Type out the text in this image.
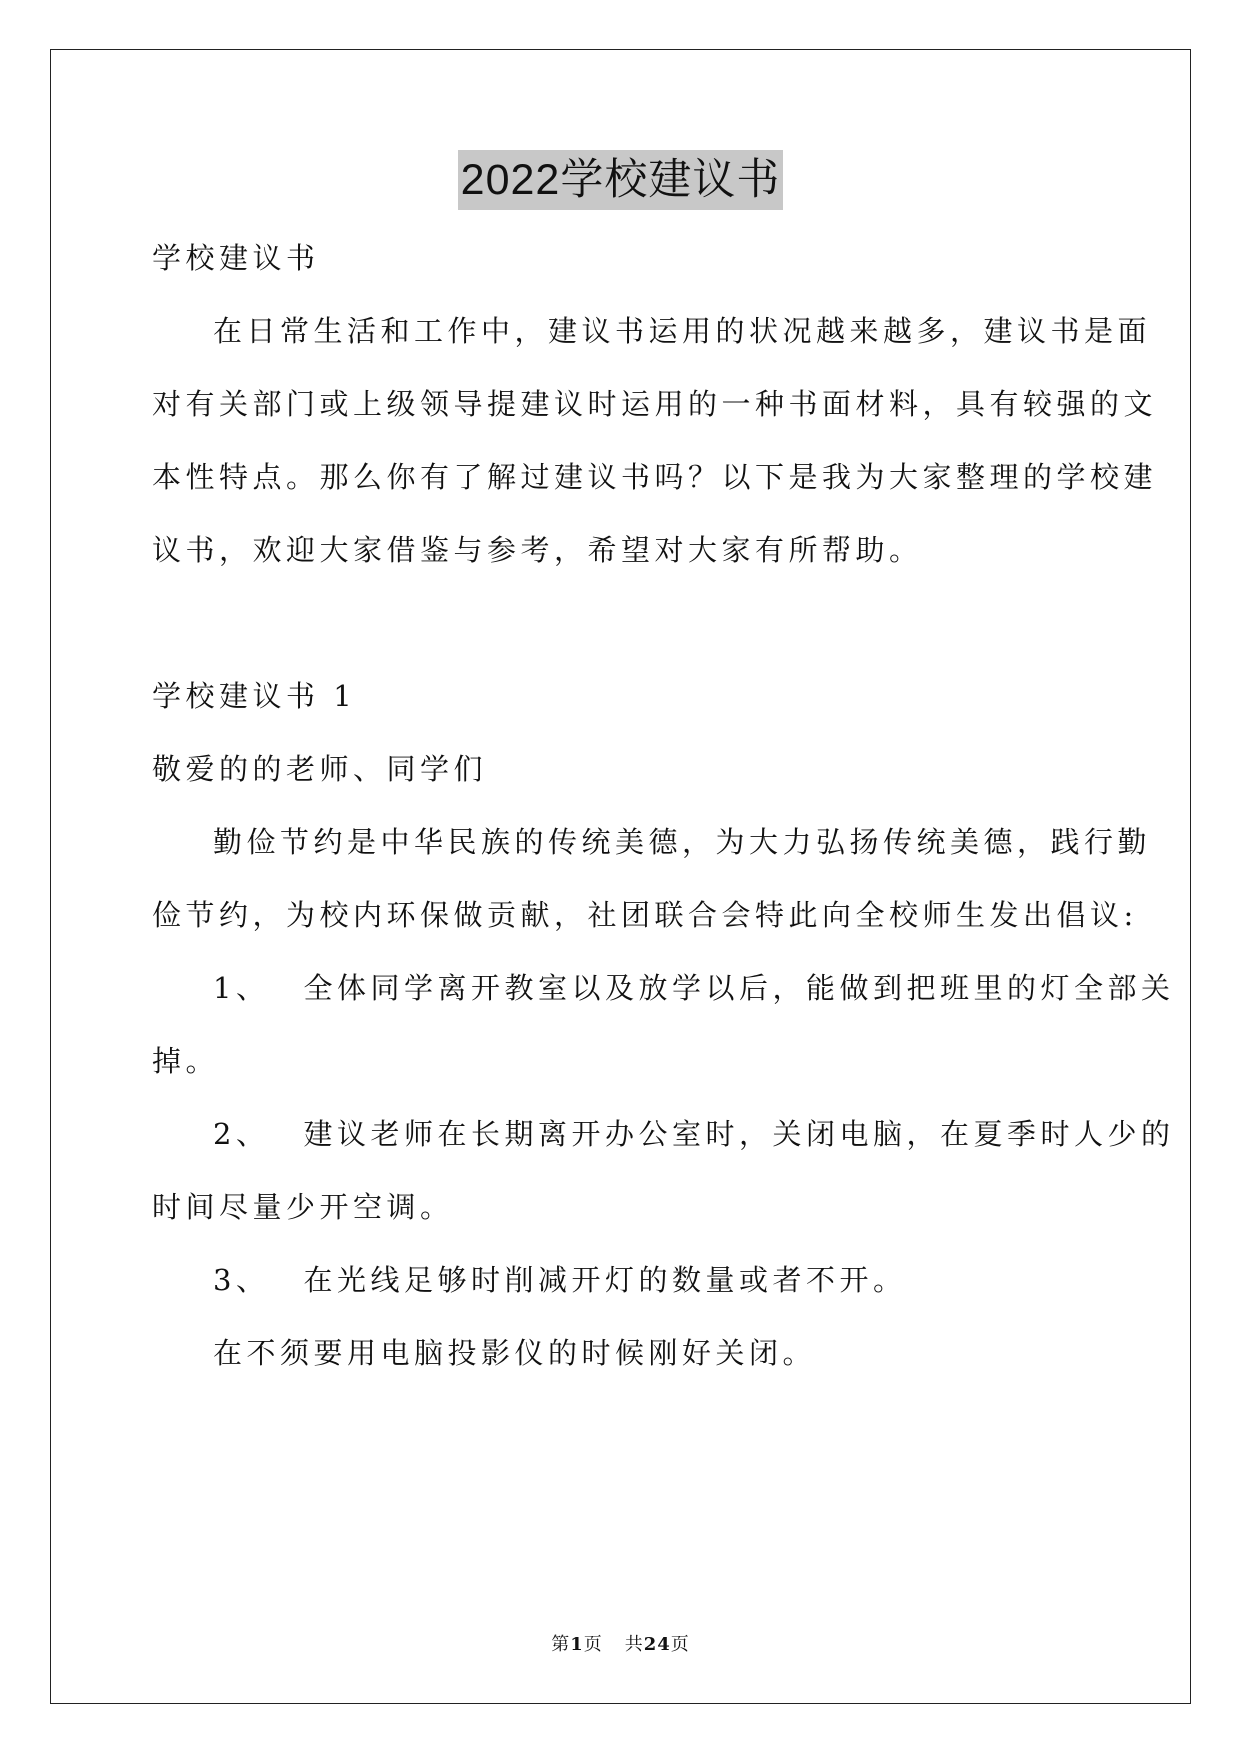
2022学校建议书
学校建议书
在日常生活和工作中，建议书运用的状况越来越多，建议书是面
对有关部门或上级领导提建议时运用的一种书面材料，具有较强的文
本性特点。那么你有了解过建议书吗？以下是我为大家整理的学校建
议书，欢迎大家借鉴与参考，希望对大家有所帮助。
学校建议书 1
敬爱的的老师、同学们
勤俭节约是中华民族的传统美德，为大力弘扬传统美德，践行勤
俭节约，为校内环保做贡献，社团联合会特此向全校师生发出倡议:
1、 全体同学离开教室以及放学以后，能做到把班里的灯全部关
掉。
2、 建议老师在长期离开办公室时，关闭电脑，在夏季时人少的
时间尽量少开空调。
3、 在光线足够时削减开灯的数量或者不开。
在不须要用电脑投影仪的时候刚好关闭。
第1页 共24页
